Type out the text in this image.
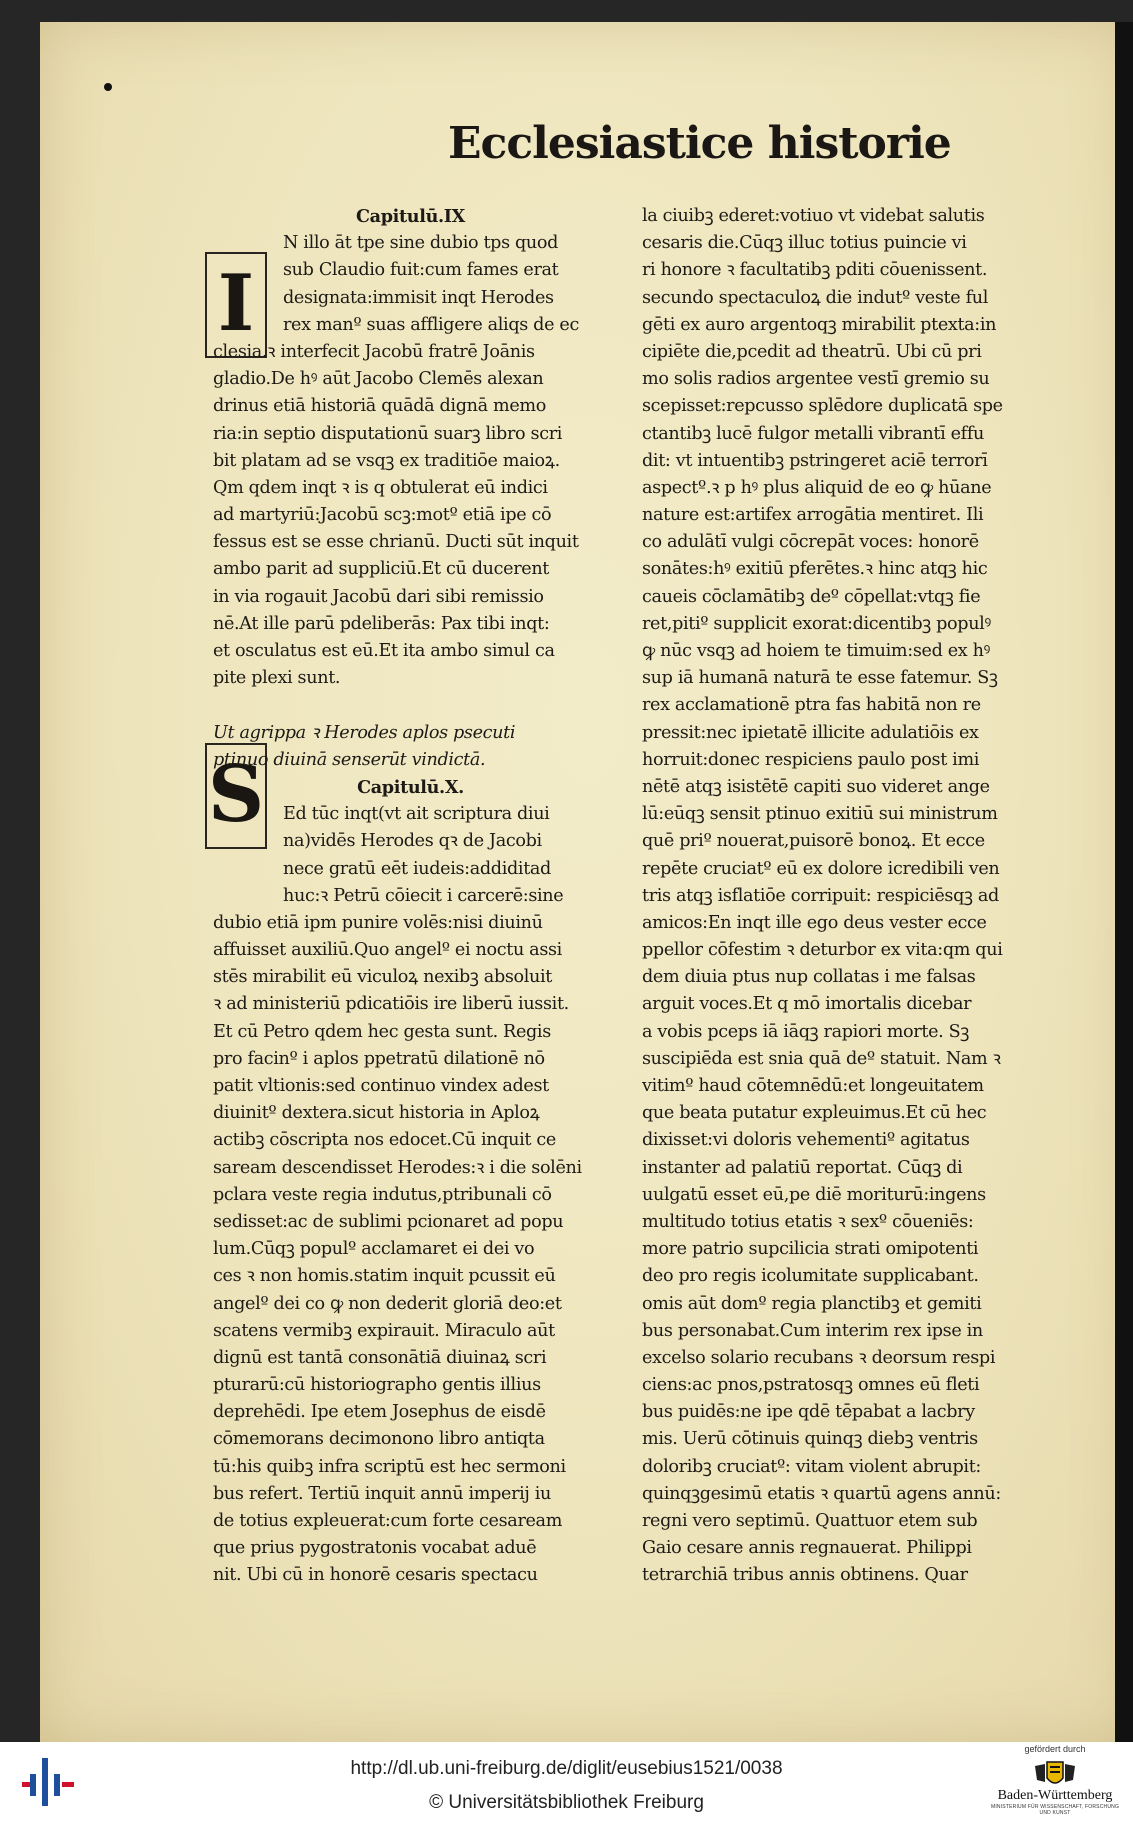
Ecclesiastice historie
I
S
Capitulū.IX
N illo āt tpe sine dubio tps quod
sub Claudio fuit:cum fames erat
designata:immisit inqt Herodes
rex manº suas affligere aliqs de ec
clesia.ꝛ interfecit Jacobū fratrē Joānis
gladio.De hꝰ aūt Jacobo Clemēs alexan
drinus etiā historiā quādā dignā memo
ria:in septio disputationū suarꝫ libro scri
bit platam ad se vsqꝫ ex traditiōe maioꝝ.
Qm qdem inqt ꝛ is q obtulerat eū indici
ad martyriū:Jacobū scꝫ:motº etiā ipe cō
fessus est se esse chrianū. Ducti sūt inquit
ambo parit ad suppliciū.Et cū ducerent
in via rogauit Jacobū dari sibi remissio
nē.At ille parū pdeliberās: Pax tibi inqt:
et osculatus est eū.Et ita ambo simul ca
pite plexi sunt.
Ut agrippa ꝛ Herodes aplos psecuti
ptinuo diuinā senserūt vindictā.
Capitulū.X.
Ed tūc inqt(vt ait scriptura diui
na)vidēs Herodes qꝛ de Jacobi
nece gratū eēt iudeis:addiditad
huc:ꝛ Petrū cōiecit i carcerē:sine
dubio etiā ipm punire volēs:nisi diuinū
affuisset auxiliū.Quo angelº ei noctu assi
stēs mirabilit eū viculoꝝ nexibꝫ absoluit
ꝛ ad ministeriū pdicatiōis ire liberū iussit.
Et cū Petro qdem hec gesta sunt. Regis
pro facinº i aplos ppetratū dilationē nō
patit vltionis:sed continuo vindex adest
diuinitº dextera.sicut historia in Aploꝝ
actibꝫ cōscripta nos edocet.Cū inquit ce
saream descendisset Herodes:ꝛ i die solēni
pclara veste regia indutus,ptribunali cō
sedisset:ac de sublimi pcionaret ad popu
lum.Cūqꝫ populº acclamaret ei dei vo
ces ꝛ non homis.statim inquit pcussit eū
angelº dei co ꝙ non dederit gloriā deo:et
scatens vermibꝫ expirauit. Miraculo aūt
dignū est tantā consonātiā diuinaꝝ scri
pturarū:cū historiographo gentis illius
deprehēdi. Ipe etem Josephus de eisdē
cōmemorans decimonono libro antiqta
tū:his quibꝫ infra scriptū est hec sermoni
bus refert. Tertiū inquit annū imperij iu
de totius expleuerat:cum forte cesaream
que prius pygostratonis vocabat aduē
nit. Ubi cū in honorē cesaris spectacu
la ciuibꝫ ederet:votiuo vt videbat salutis
cesaris die.Cūqꝫ illuc totius puincie vi
ri honore ꝛ facultatibꝫ pditi cōuenissent.
secundo spectaculoꝝ die indutº veste ful
gēti ex auro argentoqꝫ mirabilit ptexta:in
cipiēte die,pcedit ad theatrū. Ubi cū pri
mo solis radios argentee vestī gremio su
scepisset:repcusso splēdore duplicatā spe
ctantibꝫ lucē fulgor metalli vibrantī effu
dit: vt intuentibꝫ pstringeret aciē terrorī
aspectº.ꝛ p hꝰ plus aliquid de eo ꝙ hūane
nature est:artifex arrogātia mentiret. Ili
co adulātī vulgi cōcrepāt voces: honorē
sonātes:hꝰ exitiū pferētes.ꝛ hinc atqꝫ hic
caueis cōclamātibꝫ deº cōpellat:vtqꝫ fie
ret,pitiº supplicit exorat:dicentibꝫ populꝰ
ꝙ nūc vsqꝫ ad hoiem te timuim:sed ex hꝰ
sup iā humanā naturā te esse fatemur. Sꝫ
rex acclamationē ptra fas habitā non re
pressit:nec ipietatē illicite adulatiōis ex
horruit:donec respiciens paulo post imi
nētē atqꝫ isistētē capiti suo videret ange
lū:eūqꝫ sensit ptinuo exitiū sui ministrum
quē priº nouerat,puisorē bonoꝝ. Et ecce
repēte cruciatº eū ex dolore icredibili ven
tris atqꝫ isflatiōe corripuit: respiciēsqꝫ ad
amicos:En inqt ille ego deus vester ecce
ppellor cōfestim ꝛ deturbor ex vita:qm qui
dem diuia ptus nup collatas i me falsas
arguit voces.Et q mō imortalis dicebar
a vobis pceps iā iāqꝫ rapiori morte. Sꝫ
suscipiēda est snia quā deº statuit. Nam ꝛ
vitimº haud cōtemnēdū:et longeuitatem
que beata putatur expleuimus.Et cū hec
dixisset:vi doloris vehementiº agitatus
instanter ad palatiū reportat. Cūqꝫ di
uulgatū esset eū,pe diē moriturū:ingens
multitudo totius etatis ꝛ sexº cōueniēs:
more patrio supcilicia strati omipotenti
deo pro regis icolumitate supplicabant.
omis aūt domº regia planctibꝫ et gemiti
bus personabat.Cum interim rex ipse in
excelso solario recubans ꝛ deorsum respi
ciens:ac pnos,pstratosqꝫ omnes eū fleti
bus puidēs:ne ipe qdē tēpabat a lacbry
mis. Uerū cōtinuis quinqꝫ diebꝫ ventris
doloribꝫ cruciatº: vitam violent abrupit:
quinqꝫgesimū etatis ꝛ quartū agens annū:
regni vero septimū. Quattuor etem sub
Gaio cesare annis regnauerat. Philippi
tetrarchiā tribus annis obtinens. Quar
http://dl.ub.uni-freiburg.de/diglit/eusebius1521/0038
© Universitätsbibliothek Freiburg
gefördert durch
Baden-Württemberg
MINISTERIUM FÜR WISSENSCHAFT, FORSCHUNG UND KUNST
